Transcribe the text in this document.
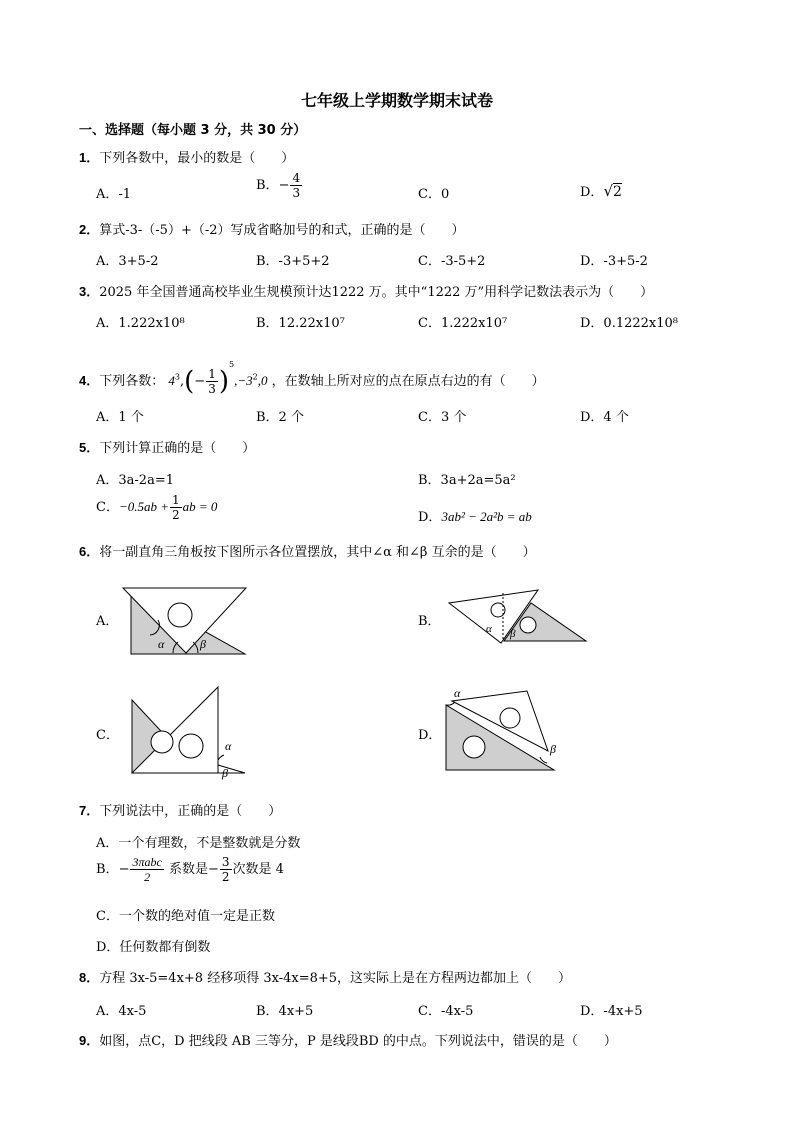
七年级上学期数学期末试卷
一、选择题（每小题 3 分，共 30 分）
1．下列各数中，最小的数是（　　）
A．-1
B．− $\frac{4}{3}$	C．0	D．√2
2．算式-3-（-5）+（-2）写成省略加号的和式，正确的是（　　）
A．3+5-2	B．-3+5+2	C．-3-5+2	D．-3+5-2
3．2025 年全国普通高校毕业生规模预计达1222 万。其中“1222 万”用科学记数法表示为（　　）
A．1.222x10⁸	B．12.22x10⁷	C．1.222x10⁷	D．0.1222x10⁸
4．下列各数： $4^3,(- \frac{1}{3} )^5,-3^2,0$ ，在数轴上所对应的点在原点右边的有（　　）
A．1 个	B．2 个	C．3 个	D．4 个
5．下列计算正确的是（　　）
A．3a-2a=1	B．3a+2a=5a²
C．$-0.5ab + \frac{1}{2}$ ab = 0
D．3ab² − 2a²b = ab
6．将一副直角三角板按下图所示各位置摆放，其中∠α 和∠β 互余的是（　　）
A．	B．
C．	D．
α	β
α β
α
β
α
β
7．下列说法中，正确的是（　　）
A．一个有理数，不是整数就是分数
B．− $\frac{\text{3πabc}}{2}$ 系数是− $\frac{3}{2}$ 次数是 4
C．一个数的绝对值一定是正数
D．任何数都有倒数
8．方程 3x-5=4x+8 经移项得 3x-4x=8+5，这实际上是在方程两边都加上（　　）
A．4x-5	B．4x+5	C．-4x-5	D．-4x+5
9．如图，点C，D 把线段 AB 三等分，P 是线段BD 的中点。下列说法中，错误的是（　　）
